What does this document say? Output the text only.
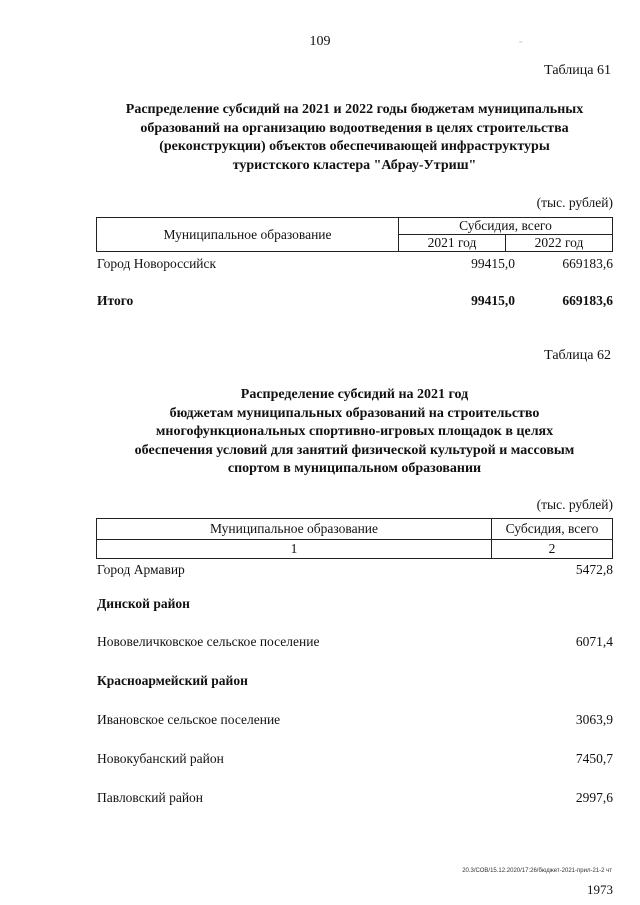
109	~
Таблица 61
Распределение субсидий на 2021 и 2022 годы бюджетам муниципальных
образований на организацию водоотведения в целях строительства
(реконструкции) объектов обеспечивающей инфраструктуры
туристского кластера "Абрау-Утриш"
(тыс. рублей)
Муниципальное образование	Субсидия, всего	
	2021 год	2022 год
Город Новороссийск	99415,0	669183,6
Итого	99415,0	669183,6
Таблица 62
Распределение субсидий на 2021 год
бюджетам муниципальных образований на строительство
многофункциональных спортивно-игровых площадок в целях
обеспечения условий для занятий физической культурой и массовым
спортом в муниципальном образовании
(тыс. рублей)
Муниципальное образование	Субсидия, всего
1	2
Город Армавир	5472,8
Динской район
Нововеличковское сельское поселение	6071,4
Красноармейский район
Ивановское сельское поселение	3063,9
Новокубанский район	7450,7
Павловский район	2997,6
20.3/СОВ/15.12.2020/17:26/бюджет-2021-прил-21-2 чт
1973
